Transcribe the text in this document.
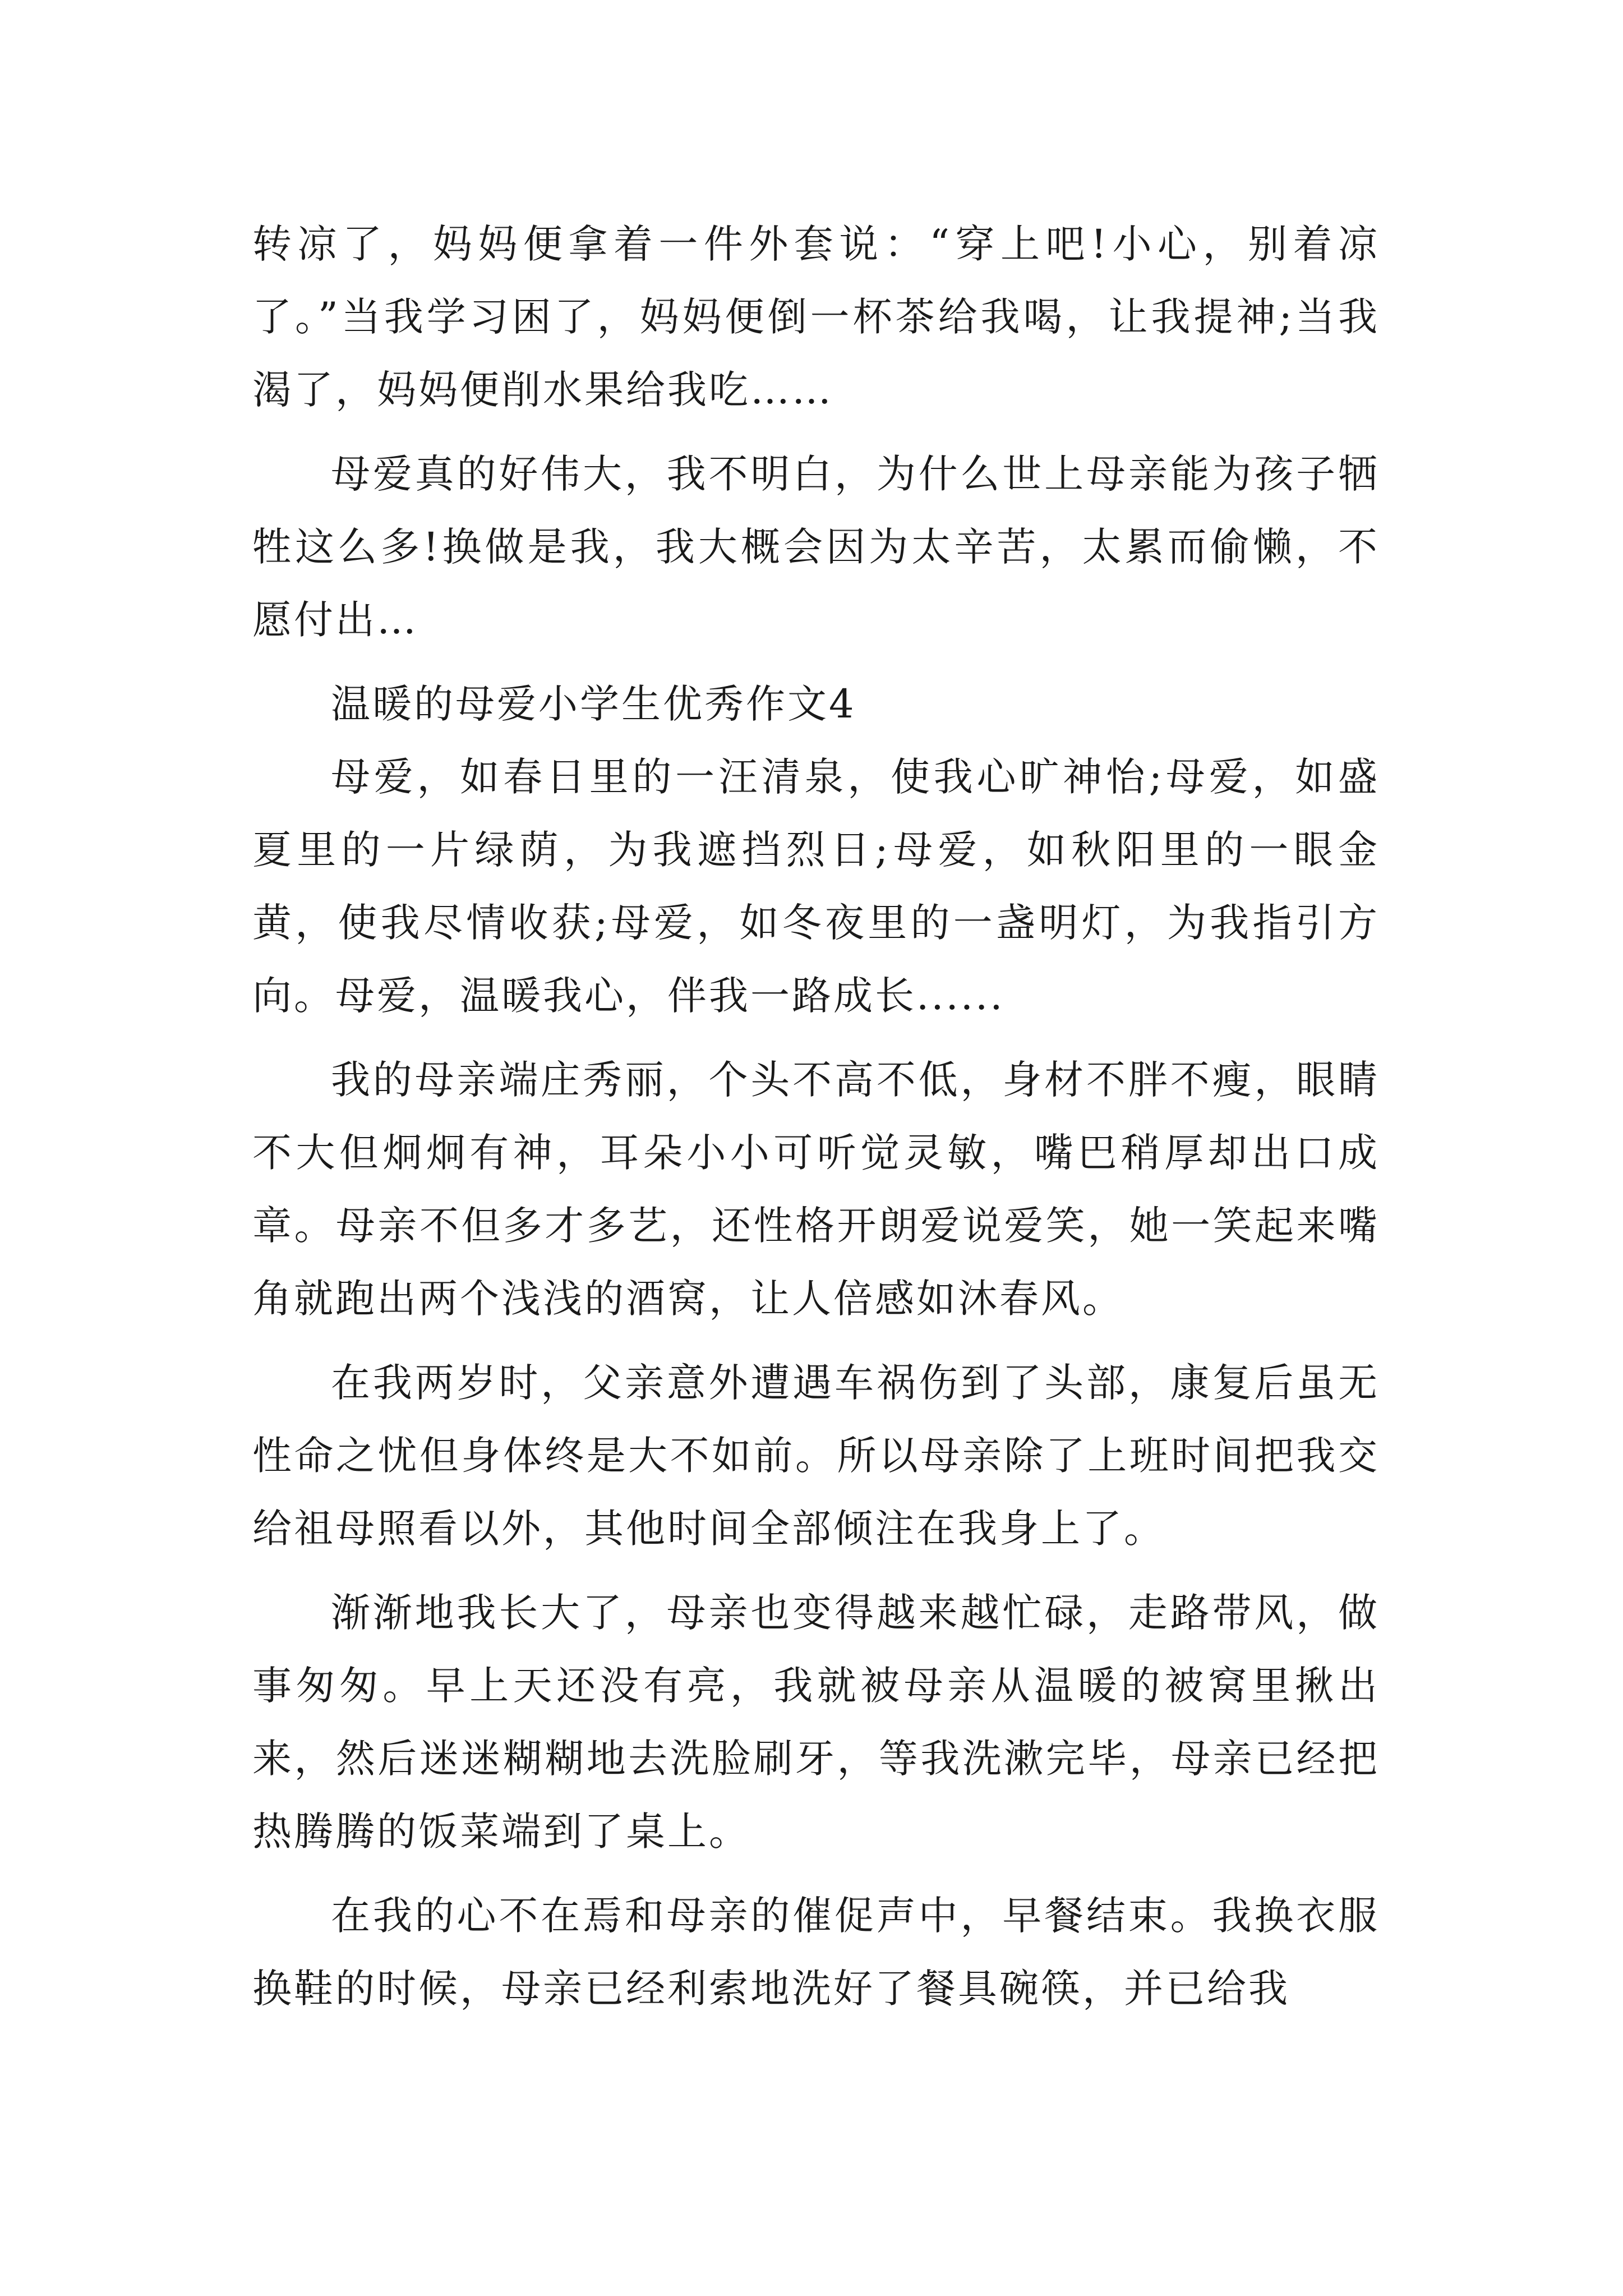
转凉了，妈妈便拿着一件外套说：“穿上吧!小心，别着凉了。”当我学习困了，妈妈便倒一杯茶给我喝，让我提神;当我渴了，妈妈便削水果给我吃……

母爱真的好伟大，我不明白，为什么世上母亲能为孩子牺牲这么多!换做是我，我大概会因为太辛苦，太累而偷懒，不愿付出…

温暖的母爱小学生优秀作文4

母爱，如春日里的一汪清泉，使我心旷神怡;母爱，如盛夏里的一片绿荫，为我遮挡烈日;母爱，如秋阳里的一眼金黄，使我尽情收获;母爱，如冬夜里的一盏明灯，为我指引方向。母爱，温暖我心，伴我一路成长......

我的母亲端庄秀丽，个头不高不低，身材不胖不瘦，眼睛不大但炯炯有神，耳朵小小可听觉灵敏，嘴巴稍厚却出口成章。母亲不但多才多艺，还性格开朗爱说爱笑，她一笑起来嘴角就跑出两个浅浅的酒窝，让人倍感如沐春风。

在我两岁时，父亲意外遭遇车祸伤到了头部，康复后虽无性命之忧但身体终是大不如前。所以母亲除了上班时间把我交给祖母照看以外，其他时间全部倾注在我身上了。

渐渐地我长大了，母亲也变得越来越忙碌，走路带风，做事匆匆。早上天还没有亮，我就被母亲从温暖的被窝里揪出来，然后迷迷糊糊地去洗脸刷牙，等我洗漱完毕，母亲已经把热腾腾的饭菜端到了桌上。

在我的心不在焉和母亲的催促声中，早餐结束。我换衣服换鞋的时候，母亲已经利索地洗好了餐具碗筷，并已给我
